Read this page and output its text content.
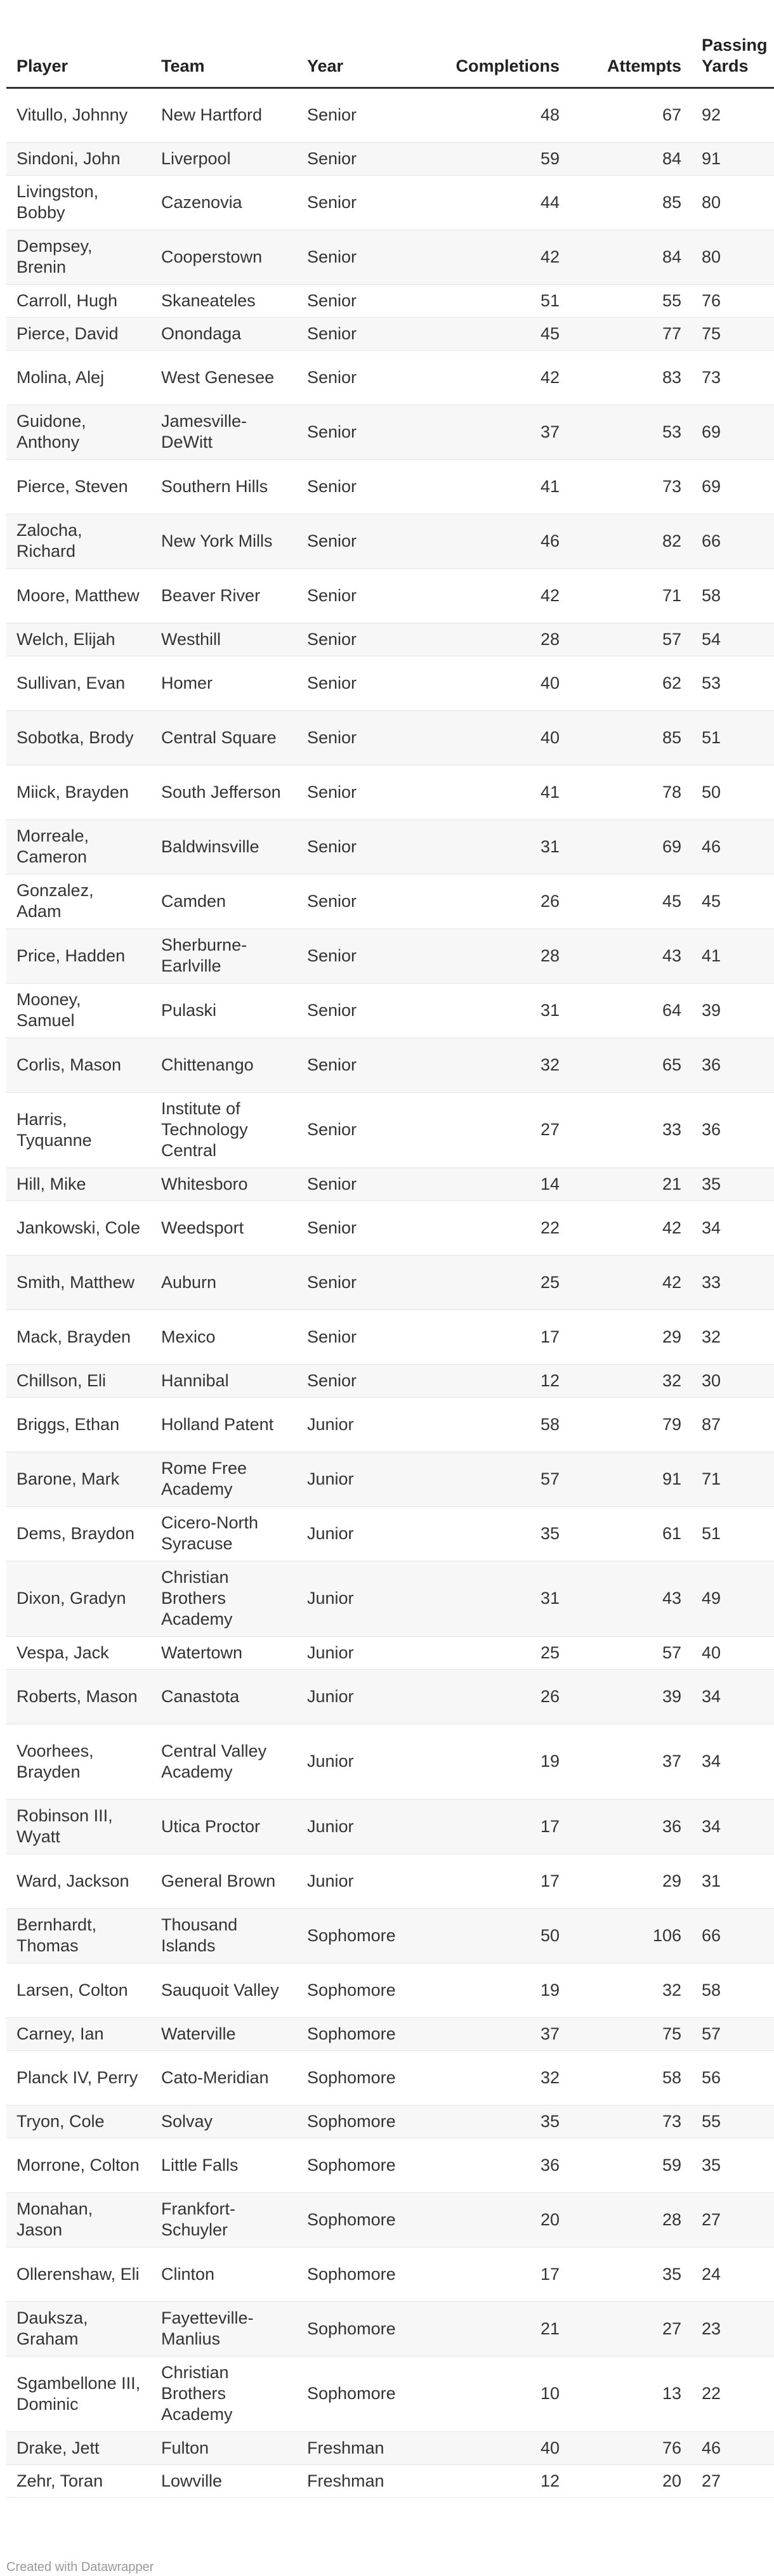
Player	Team	Year	Completions	Attempts	Passing Yards
Vitullo, Johnny	New Hartford	Senior	48	67	92
Sindoni, John	Liverpool	Senior	59	84	91
Livingston, Bobby	Cazenovia	Senior	44	85	80
Dempsey, Brenin	Cooperstown	Senior	42	84	80
Carroll, Hugh	Skaneateles	Senior	51	55	76
Pierce, David	Onondaga	Senior	45	77	75
Molina, Alej	West Genesee	Senior	42	83	73
Guidone, Anthony	Jamesville-DeWitt	Senior	37	53	69
Pierce, Steven	Southern Hills	Senior	41	73	69
Zalocha, Richard	New York Mills	Senior	46	82	66
Moore, Matthew	Beaver River	Senior	42	71	58
Welch, Elijah	Westhill	Senior	28	57	54
Sullivan, Evan	Homer	Senior	40	62	53
Sobotka, Brody	Central Square	Senior	40	85	51
Miick, Brayden	South Jefferson	Senior	41	78	50
Morreale, Cameron	Baldwinsville	Senior	31	69	46
Gonzalez, Adam	Camden	Senior	26	45	45
Price, Hadden	Sherburne-Earlville	Senior	28	43	41
Mooney, Samuel	Pulaski	Senior	31	64	39
Corlis, Mason	Chittenango	Senior	32	65	36
Harris, Tyquanne	Institute of Technology Central	Senior	27	33	36
Hill, Mike	Whitesboro	Senior	14	21	35
Jankowski, Cole	Weedsport	Senior	22	42	34
Smith, Matthew	Auburn	Senior	25	42	33
Mack, Brayden	Mexico	Senior	17	29	32
Chillson, Eli	Hannibal	Senior	12	32	30
Briggs, Ethan	Holland Patent	Junior	58	79	87
Barone, Mark	Rome Free Academy	Junior	57	91	71
Dems, Braydon	Cicero-North Syracuse	Junior	35	61	51
Dixon, Gradyn	Christian Brothers Academy	Junior	31	43	49
Vespa, Jack	Watertown	Junior	25	57	40
Roberts, Mason	Canastota	Junior	26	39	34
Voorhees, Brayden	Central Valley Academy	Junior	19	37	34
Robinson III, Wyatt	Utica Proctor	Junior	17	36	34
Ward, Jackson	General Brown	Junior	17	29	31
Bernhardt, Thomas	Thousand Islands	Sophomore	50	106	66
Larsen, Colton	Sauquoit Valley	Sophomore	19	32	58
Carney, Ian	Waterville	Sophomore	37	75	57
Planck IV, Perry	Cato-Meridian	Sophomore	32	58	56
Tryon, Cole	Solvay	Sophomore	35	73	55
Morrone, Colton	Little Falls	Sophomore	36	59	35
Monahan, Jason	Frankfort-Schuyler	Sophomore	20	28	27
Ollerenshaw, Eli	Clinton	Sophomore	17	35	24
Dauksza, Graham	Fayetteville-Manlius	Sophomore	21	27	23
Sgambellone III, Dominic	Christian Brothers Academy	Sophomore	10	13	22
Drake, Jett	Fulton	Freshman	40	76	46
Zehr, Toran	Lowville	Freshman	12	20	27
Created with Datawrapper
